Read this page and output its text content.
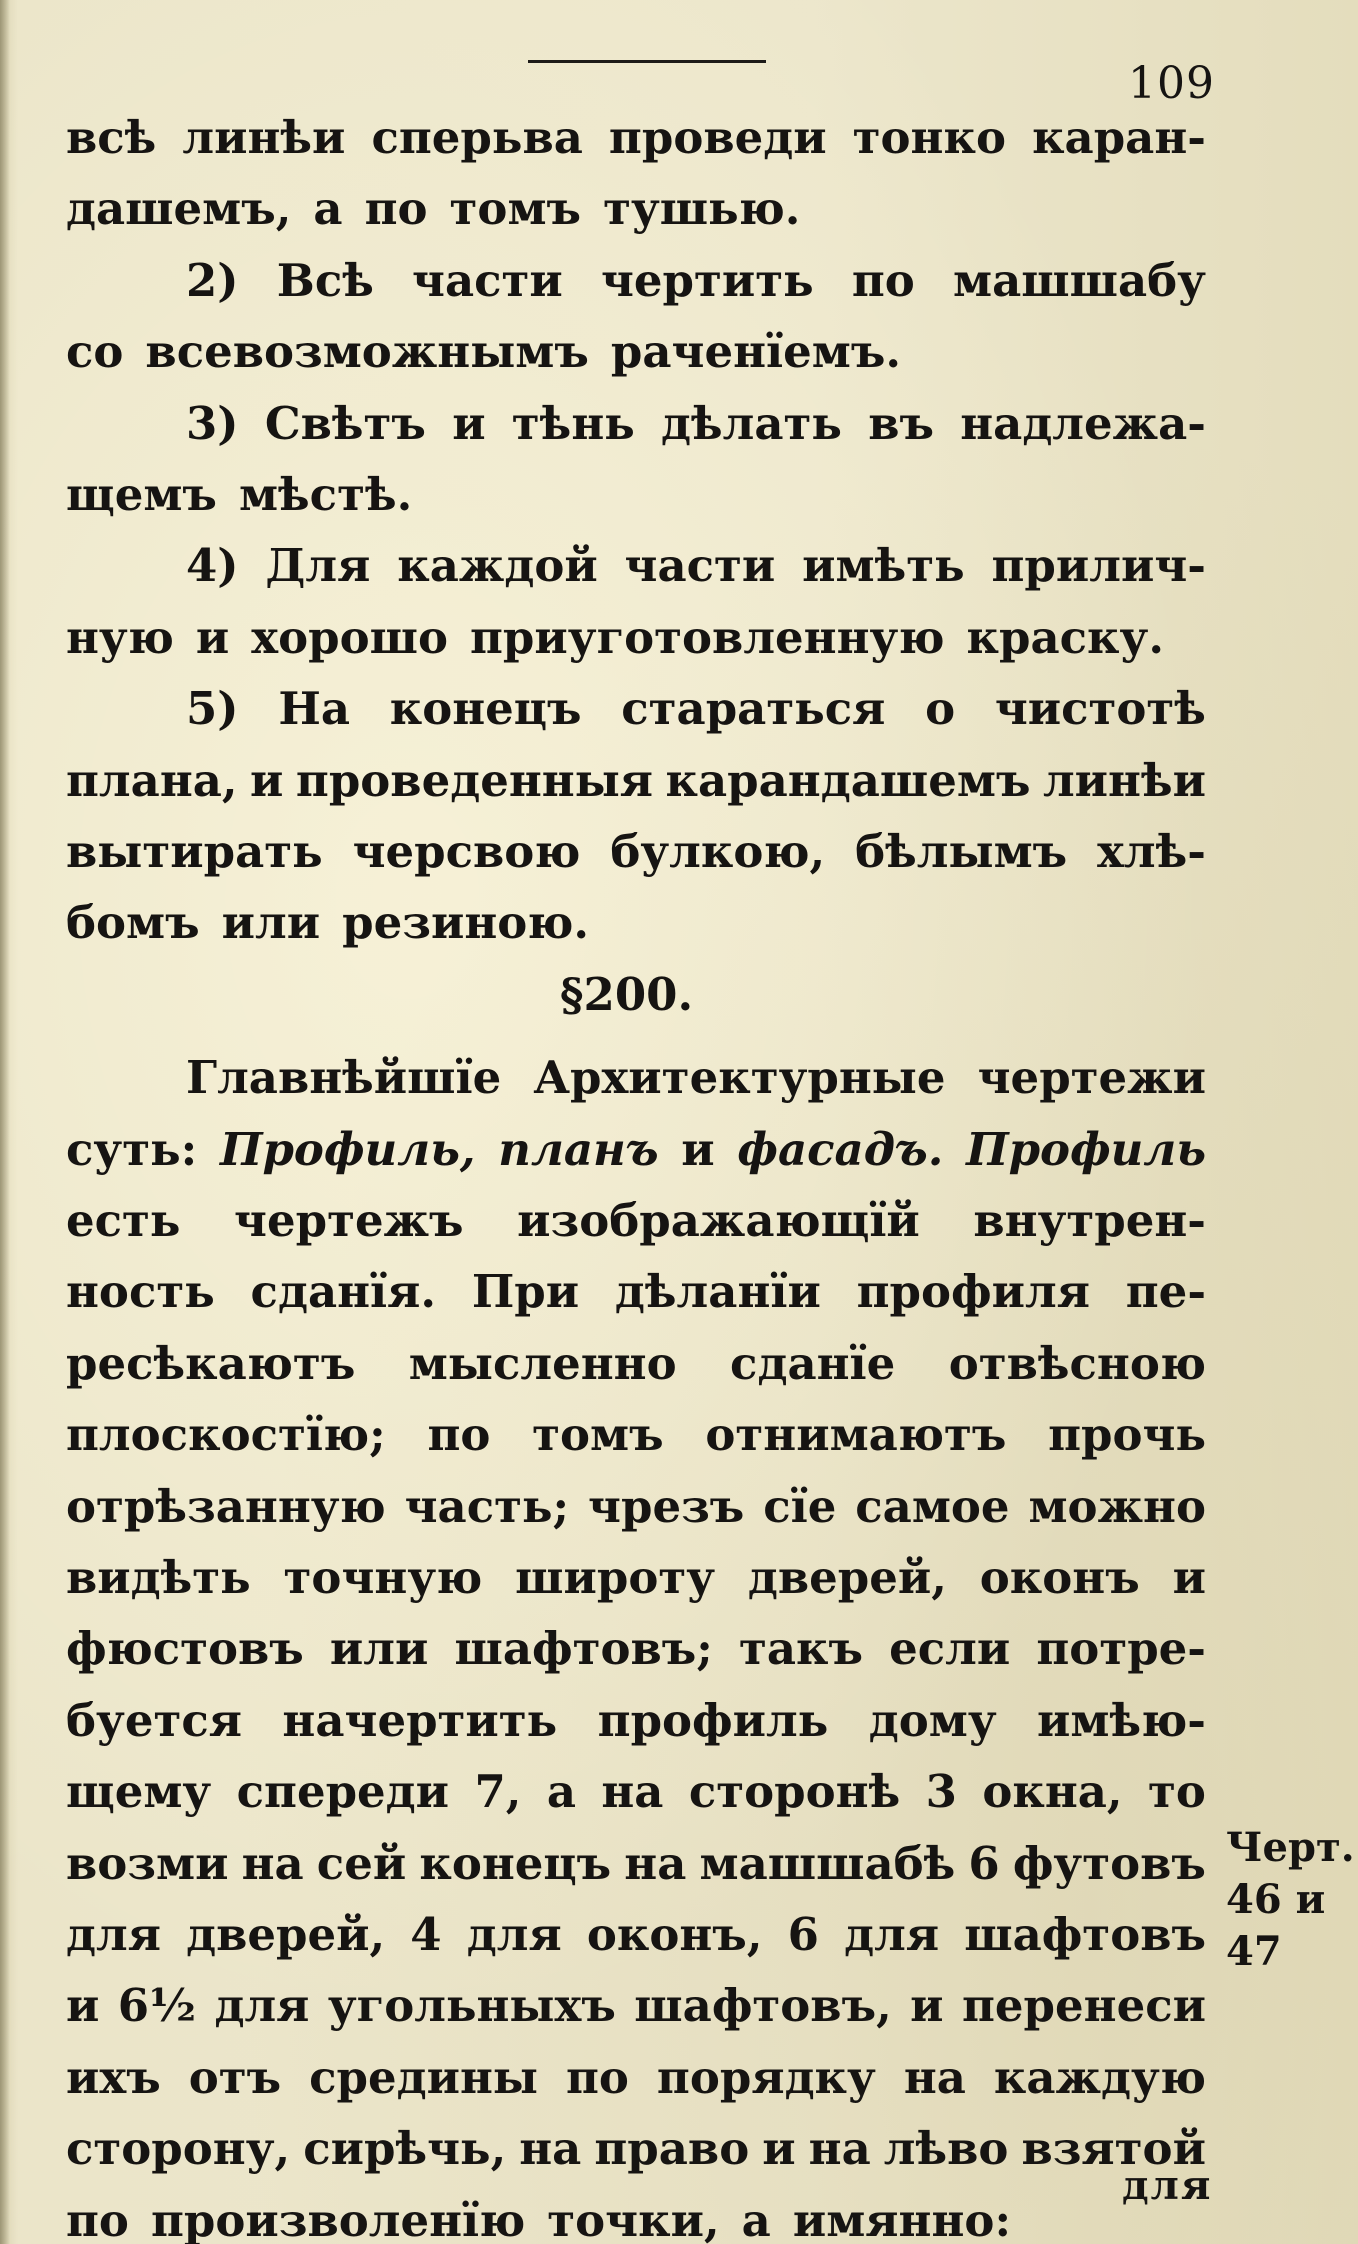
109
всѣ линѣи сперьва проведи тонко каран-
дашемъ, а по томъ тушью.
2) Всѣ части чертить по машшабу
со всевозможнымъ раченїемъ.
3) Свѣтъ и тѣнь дѣлать въ надлежа-
щемъ мѣстѣ.
4) Для каждой части имѣть прилич-
ную и хорошо приуготовленную краску.
5) На конецъ стараться о чистотѣ
плана, и проведенныя карандашемъ линѣи
вытирать черсвою булкою, бѣлымъ хлѣ-
бомъ или резиною.
§ 200.
Главнѣйшїе Архитектурные чертежи
суть: Профиль, планъ и фасадъ. Профиль
есть чертежъ изображающїй внутрен-
ность сданїя. При дѣланїи профиля пе-
ресѣкаютъ мысленно сданїе отвѣсною
плоскостїю; по томъ отнимаютъ прочь
отрѣзанную часть; чрезъ сїе самое можно
видѣть точную широту дверей, оконъ и
фюстовъ или шафтовъ; такъ если потре-
буется начертить профиль дому имѣю-
щему спереди 7, а на сторонѣ 3 окна, то
возми на сей конецъ на машшабѣ 6 футовъ
для дверей, 4 для оконъ, 6 для шафтовъ
и 6½ для угольныхъ шафтовъ, и перенеси
ихъ отъ средины по порядку на каждую
сторону, сирѣчь, на право и на лѣво взятой
по произволенїю точки, а имянно:
Черт.
46 и 47
для
